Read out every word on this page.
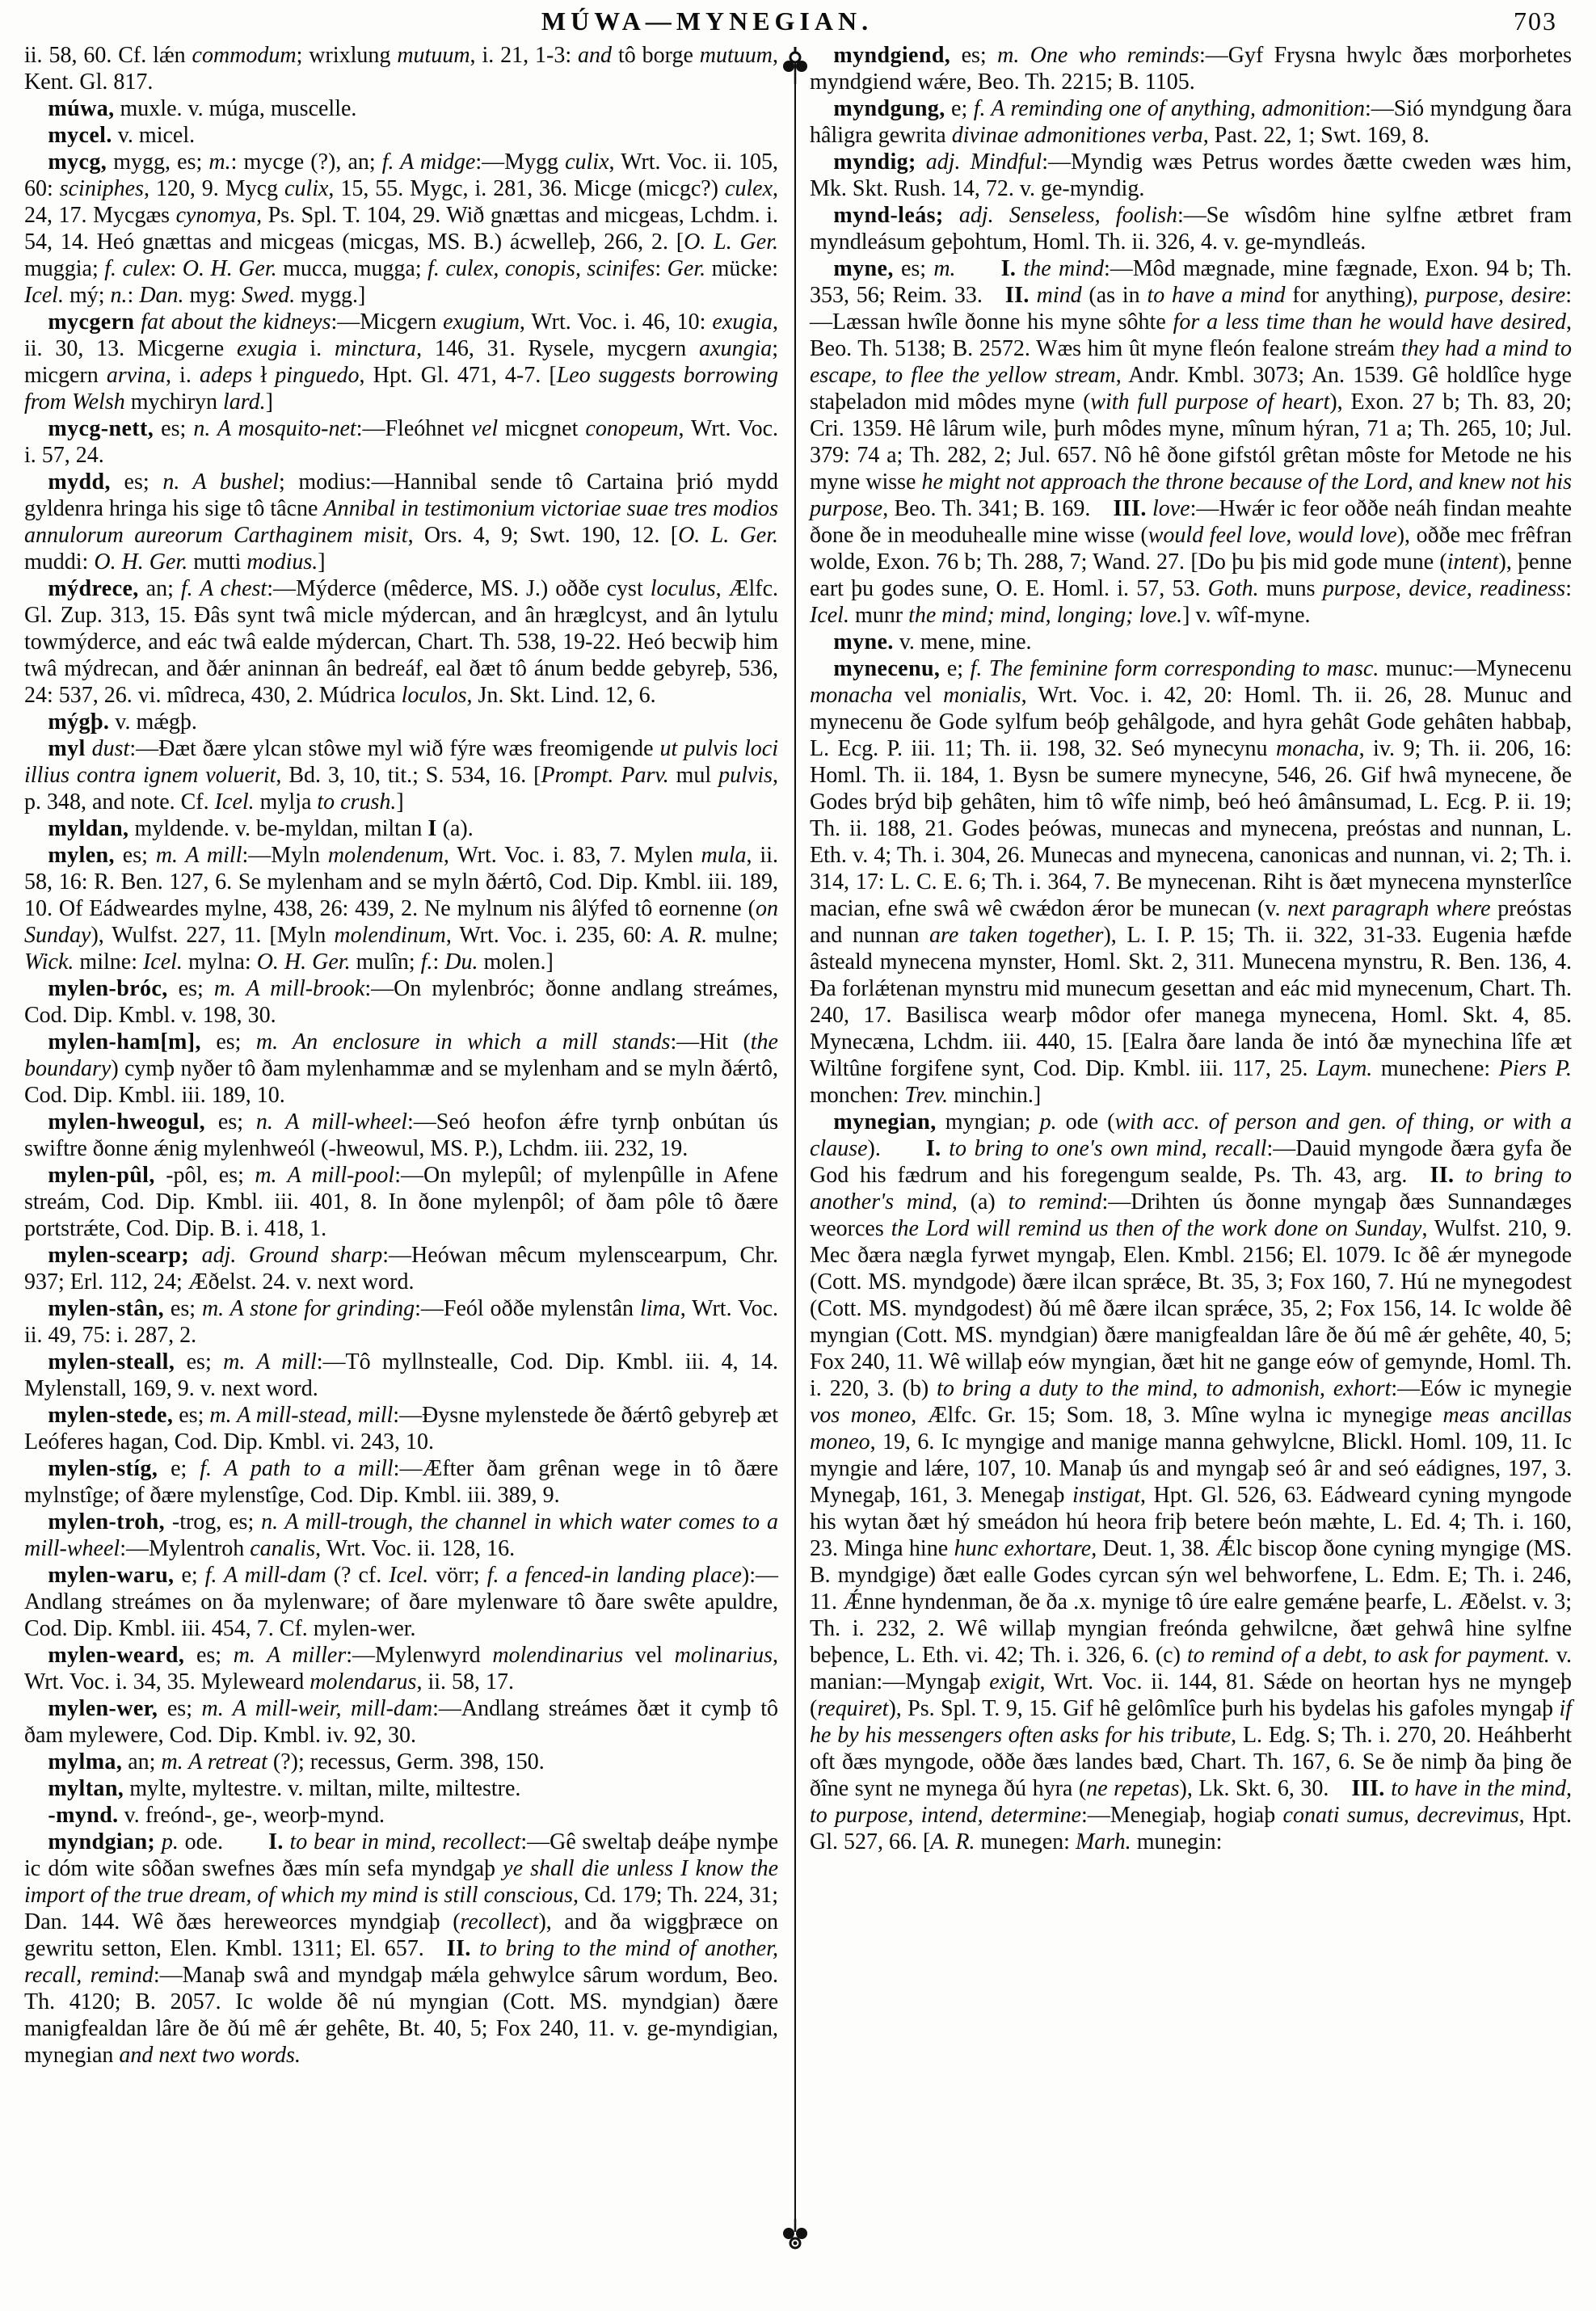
MÚWA—MYNEGIAN.	703

ii. 58, 60. Cf. lǽn commodum; wrixlung mutuum, i. 21, 1-3: and tô borge mutuum, Kent. Gl. 817.

múwa, muxle. v. múga, muscelle.

mycel. v. micel.

mycg, mygg, es; m.: mycge (?), an; f. A midge:—Mygg culix, Wrt. Voc. ii. 105, 60: sciniphes, 120, 9. Mycg culix, 15, 55. Mygc, i. 281, 36. Micge (micgc?) culex, 24, 17. Mycgæs cynomya, Ps. Spl. T. 104, 29. Wið gnættas and micgeas, Lchdm. i. 54, 14. Heó gnættas and micgeas (micgas, MS. B.) ácwelleþ, 266, 2. [O. L. Ger. muggia; f. culex: O. H. Ger. mucca, mugga; f. culex, conopis, scinifes: Ger. mücke: Icel. mý; n.: Dan. myg: Swed. mygg.]

mycgern fat about the kidneys:—Micgern exugium, Wrt. Voc. i. 46, 10: exugia, ii. 30, 13. Micgerne exugia i. minctura, 146, 31. Rysele, mycgern axungia; micgern arvina, i. adeps ł pinguedo, Hpt. Gl. 471, 4-7. [Leo suggests borrowing from Welsh mychiryn lard.]

mycg-nett, es; n. A mosquito-net:—Fleóhnet vel micgnet conopeum, Wrt. Voc. i. 57, 24.

mydd, es; n. A bushel; modius:—Hannibal sende tô Cartaina þrió mydd gyldenra hringa his sige tô tâcne Annibal in testimonium victoriae suae tres modios annulorum aureorum Carthaginem misit, Ors. 4, 9; Swt. 190, 12. [O. L. Ger. muddi: O. H. Ger. mutti modius.]

mýdrece, an; f. A chest:—Mýderce (mêderce, MS. J.) oððe cyst loculus, Ælfc. Gl. Zup. 313, 15. Ðâs synt twâ micle mýdercan, and ân hræglcyst, and ân lytulu towmýderce, and eác twâ ealde mýdercan, Chart. Th. 538, 19-22. Heó becwiþ him twâ mýdrecan, and ðǽr aninnan ân bedreáf, eal ðæt tô ánum bedde gebyreþ, 536, 24: 537, 26. vi. mîdreca, 430, 2. Múdrica loculos, Jn. Skt. Lind. 12, 6.

mýgþ. v. mǽgþ.

myl dust:—Ðæt ðære ylcan stôwe myl wið fýre wæs freomigende ut pulvis loci illius contra ignem voluerit, Bd. 3, 10, tit.; S. 534, 16. [Prompt. Parv. mul pulvis, p. 348, and note. Cf. Icel. mylja to crush.]

myldan, myldende. v. be-myldan, miltan I (a).

mylen, es; m. A mill:—Myln molendenum, Wrt. Voc. i. 83, 7. Mylen mula, ii. 58, 16: R. Ben. 127, 6. Se mylenham and se myln ðǽrtô, Cod. Dip. Kmbl. iii. 189, 10. Of Eádweardes mylne, 438, 26: 439, 2. Ne mylnum nis âlýfed tô eornenne (on Sunday), Wulfst. 227, 11. [Myln molendinum, Wrt. Voc. i. 235, 60: A. R. mulne; Wick. milne: Icel. mylna: O. H. Ger. mulîn; f.: Du. molen.]

mylen-bróc, es; m. A mill-brook:—On mylenbróc; ðonne andlang streámes, Cod. Dip. Kmbl. v. 198, 30.

mylen-ham[m], es; m. An enclosure in which a mill stands:—Hit (the boundary) cymþ nyðer tô ðam mylenhammæ and se mylenham and se myln ðǽrtô, Cod. Dip. Kmbl. iii. 189, 10.

mylen-hweogul, es; n. A mill-wheel:—Seó heofon ǽfre tyrnþ onbútan ús swiftre ðonne ǽnig mylenhweól (-hweowul, MS. P.), Lchdm. iii. 232, 19.

mylen-pûl, -pôl, es; m. A mill-pool:—On mylepûl; of mylenpûlle in Afene streám, Cod. Dip. Kmbl. iii. 401, 8. In ðone mylenpôl; of ðam pôle tô ðære portstrǽte, Cod. Dip. B. i. 418, 1.

mylen-scearp; adj. Ground sharp:—Heówan mêcum mylenscearpum, Chr. 937; Erl. 112, 24; Æðelst. 24. v. next word.

mylen-stân, es; m. A stone for grinding:—Feól oððe mylenstân lima, Wrt. Voc. ii. 49, 75: i. 287, 2.

mylen-steall, es; m. A mill:—Tô myllnstealle, Cod. Dip. Kmbl. iii. 4, 14. Mylenstall, 169, 9. v. next word.

mylen-stede, es; m. A mill-stead, mill:—Ðysne mylenstede ðe ðǽrtô gebyreþ æt Leóferes hagan, Cod. Dip. Kmbl. vi. 243, 10.

mylen-stíg, e; f. A path to a mill:—Æfter ðam grênan wege in tô ðære mylnstîge; of ðære mylenstîge, Cod. Dip. Kmbl. iii. 389, 9.

mylen-troh, -trog, es; n. A mill-trough, the channel in which water comes to a mill-wheel:—Mylentroh canalis, Wrt. Voc. ii. 128, 16.

mylen-waru, e; f. A mill-dam (? cf. Icel. vörr; f. a fenced-in landing place):—Andlang streámes on ða mylenware; of ðare mylenware tô ðare swête apuldre, Cod. Dip. Kmbl. iii. 454, 7. Cf. mylen-wer.

mylen-weard, es; m. A miller:—Mylenwyrd molendinarius vel molinarius, Wrt. Voc. i. 34, 35. Myleweard molendarus, ii. 58, 17.

mylen-wer, es; m. A mill-weir, mill-dam:—Andlang streámes ðæt it cymþ tô ðam mylewere, Cod. Dip. Kmbl. iv. 92, 30.

mylma, an; m. A retreat (?); recessus, Germ. 398, 150.

myltan, mylte, myltestre. v. miltan, milte, miltestre.

-mynd. v. freónd-, ge-, weorþ-mynd.

myndgian; p. ode.  I. to bear in mind, recollect:—Gê sweltaþ deáþe nymþe ic dóm wite sôðan swefnes ðæs mín sefa myndgaþ ye shall die unless I know the import of the true dream, of which my mind is still conscious, Cd. 179; Th. 224, 31; Dan. 144. Wê ðæs hereweorces myndgiaþ (recollect), and ða wiggþræce on gewritu setton, Elen. Kmbl. 1311; El. 657. II. to bring to the mind of another, recall, remind:—Manaþ swâ and myndgaþ mǽla gehwylce sârum wordum, Beo. Th. 4120; B. 2057. Ic wolde ðê nú myngian (Cott. MS. myndgian) ðære manigfealdan lâre ðe ðú mê ǽr gehête, Bt. 40, 5; Fox 240, 11. v. ge-myndigian, mynegian and next two words.

myndgiend, es; m. One who reminds:—Gyf Frysna hwylc ðæs morþorhetes myndgiend wǽre, Beo. Th. 2215; B. 1105.

myndgung, e; f. A reminding one of anything, admonition:—Sió myndgung ðara hâligra gewrita divinae admonitiones verba, Past. 22, 1; Swt. 169, 8.

myndig; adj. Mindful:—Myndig wæs Petrus wordes ðætte cweden wæs him, Mk. Skt. Rush. 14, 72. v. ge-myndig.

mynd-leás; adj. Senseless, foolish:—Se wîsdôm hine sylfne ætbret fram myndleásum geþohtum, Homl. Th. ii. 326, 4. v. ge-myndleás.

myne, es; m.   I. the mind:—Môd mægnade, mine fægnade, Exon. 94 b; Th. 353, 56; Reim. 33. II. mind (as in to have a mind for anything), purpose, desire:—Læssan hwîle ðonne his myne sôhte for a less time than he would have desired, Beo. Th. 5138; B. 2572. Wæs him ût myne fleón fealone streám they had a mind to escape, to flee the yellow stream, Andr. Kmbl. 3073; An. 1539. Gê holdlîce hyge staþeladon mid môdes myne (with full purpose of heart), Exon. 27 b; Th. 83, 20; Cri. 1359. Hê lârum wile, þurh môdes myne, mînum hýran, 71 a; Th. 265, 10; Jul. 379: 74 a; Th. 282, 2; Jul. 657. Nô hê ðone gifstól grêtan môste for Metode ne his myne wisse he might not approach the throne because of the Lord, and knew not his purpose, Beo. Th. 341; B. 169. III. love:—Hwǽr ic feor oððe neáh findan meahte ðone ðe in meoduhealle mine wisse (would feel love, would love), oððe mec frêfran wolde, Exon. 76 b; Th. 288, 7; Wand. 27. [Do þu þis mid gode mune (intent), þenne eart þu godes sune, O. E. Homl. i. 57, 53. Goth. muns purpose, device, readiness: Icel. munr the mind; mind, longing; love.] v. wîf-myne.

myne. v. mene, mine.

mynecenu, e; f. The feminine form corresponding to masc. munuc:—Mynecenu monacha vel monialis, Wrt. Voc. i. 42, 20: Homl. Th. ii. 26, 28. Munuc and mynecenu ðe Gode sylfum beóþ gehâlgode, and hyra gehât Gode gehâten habbaþ, L. Ecg. P. iii. 11; Th. ii. 198, 32. Seó mynecynu monacha, iv. 9; Th. ii. 206, 16: Homl. Th. ii. 184, 1. Bysn be sumere mynecyne, 546, 26. Gif hwâ mynecene, ðe Godes brýd biþ gehâten, him tô wîfe nimþ, beó heó âmânsumad, L. Ecg. P. ii. 19; Th. ii. 188, 21. Godes þeówas, munecas and mynecena, preóstas and nunnan, L. Eth. v. 4; Th. i. 304, 26. Munecas and mynecena, canonicas and nunnan, vi. 2; Th. i. 314, 17: L. C. E. 6; Th. i. 364, 7. Be mynecenan. Riht is ðæt mynecena mynsterlîce macian, efne swâ wê cwǽdon ǽror be munecan (v. next paragraph where preóstas and nunnan are taken together), L. I. P. 15; Th. ii. 322, 31-33. Eugenia hæfde âsteald mynecena mynster, Homl. Skt. 2, 311. Munecena mynstru, R. Ben. 136, 4. Ða forlǽtenan mynstru mid munecum gesettan and eác mid mynecenum, Chart. Th. 240, 17. Basilisca wearþ môdor ofer manega mynecena, Homl. Skt. 4, 85. Mynecæna, Lchdm. iii. 440, 15. [Ealra ðare landa ðe intó ðæ mynechina lîfe æt Wiltûne forgifene synt, Cod. Dip. Kmbl. iii. 117, 25. Laym. munechene: Piers P. monchen: Trev. minchin.]

mynegian, myngian; p. ode (with acc. of person and gen. of thing, or with a clause).  I. to bring to one's own mind, recall:—Dauid myngode ðæra gyfa ðe God his fædrum and his foregengum sealde, Ps. Th. 43, arg. II. to bring to another's mind, (a) to remind:—Drihten ús ðonne myngaþ ðæs Sunnandæges weorces the Lord will remind us then of the work done on Sunday, Wulfst. 210, 9. Mec ðæra nægla fyrwet myngaþ, Elen. Kmbl. 2156; El. 1079. Ic ðê ǽr mynegode (Cott. MS. myndgode) ðære ilcan sprǽce, Bt. 35, 3; Fox 160, 7. Hú ne mynegodest (Cott. MS. myndgodest) ðú mê ðære ilcan sprǽce, 35, 2; Fox 156, 14. Ic wolde ðê myngian (Cott. MS. myndgian) ðære manigfealdan lâre ðe ðú mê ǽr gehête, 40, 5; Fox 240, 11. Wê willaþ eów myngian, ðæt hit ne gange eów of gemynde, Homl. Th. i. 220, 3. (b) to bring a duty to the mind, to admonish, exhort:—Eów ic mynegie vos moneo, Ælfc. Gr. 15; Som. 18, 3. Mîne wylna ic mynegige meas ancillas moneo, 19, 6. Ic myngige and manige manna gehwylcne, Blickl. Homl. 109, 11. Ic myngie and lǽre, 107, 10. Manaþ ús and myngaþ seó âr and seó eádignes, 197, 3. Mynegaþ, 161, 3. Menegaþ instigat, Hpt. Gl. 526, 63. Eádweard cyning myngode his wytan ðæt hý smeádon hú heora friþ betere beón mæhte, L. Ed. 4; Th. i. 160, 23. Minga hine hunc exhortare, Deut. 1, 38. Ǽlc biscop ðone cyning myngige (MS. B. myndgige) ðæt ealle Godes cyrcan sýn wel behworfene, L. Edm. E; Th. i. 246, 11. Ǽnne hyndenman, ðe ða .x. mynige tô úre ealre gemǽne þearfe, L. Æðelst. v. 3; Th. i. 232, 2. Wê willaþ myngian freónda gehwilcne, ðæt gehwâ hine sylfne beþence, L. Eth. vi. 42; Th. i. 326, 6. (c) to remind of a debt, to ask for payment. v. manian:—Myngaþ exigit, Wrt. Voc. ii. 144, 81. Sǽde on heortan hys ne myngeþ (requiret), Ps. Spl. T. 9, 15. Gif hê gelômlîce þurh his bydelas his gafoles myngaþ if he by his messengers often asks for his tribute, L. Edg. S; Th. i. 270, 20. Heáhberht oft ðæs myngode, oððe ðæs landes bæd, Chart. Th. 167, 6. Se ðe nimþ ða þing ðe ðîne synt ne mynega ðú hyra (ne repetas), Lk. Skt. 6, 30. III. to have in the mind, to purpose, intend, determine:—Menegiaþ, hogiaþ conati sumus, decrevimus, Hpt. Gl. 527, 66. [A. R. munegen: Marh. munegin:
